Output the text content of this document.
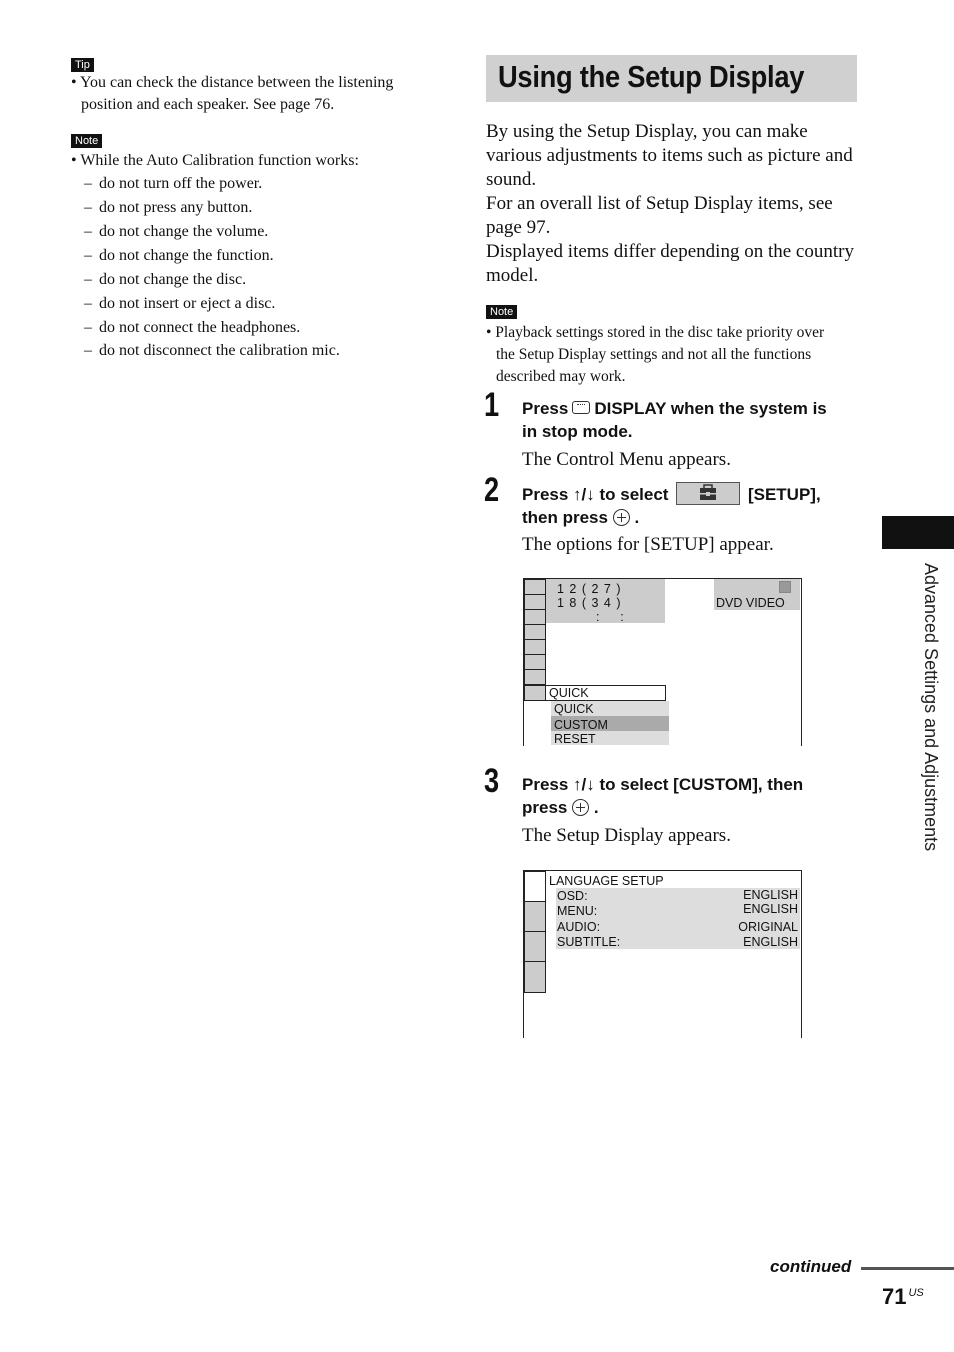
Tip
• You can check the distance between the listening
position and each speaker. See page 76.
Note
• While the Auto Calibration function works:
– do not turn off the power.
– do not press any button.
– do not change the volume.
– do not change the function.
– do not change the disc.
– do not insert or eject a disc.
– do not connect the headphones.
– do not disconnect the calibration mic.
Using the Setup Display
By using the Setup Display, you can make
various adjustments to items such as picture and
sound.
For an overall list of Setup Display items, see
page 97.
Displayed items differ depending on the country
model.
Note
• Playback settings stored in the disc take priority over
the Setup Display settings and not all the functions
described may work.
1 Press DISPLAY when the system is
in stop mode.
The Control Menu appears.
2 Press ↑/↓ to select	[SETUP],
then press  .
The options for [SETUP] appear.
1 2 ( 2 7 )
1 8 ( 3 4 )
:      :
DVD VIDEO
QUICK
QUICK
CUSTOM
RESET
3 Press ↑/↓ to select [CUSTOM], then
press  .
The Setup Display appears.
LANGUAGE SETUP
OSD:	ENGLISH
MENU:	ENGLISH
AUDIO:	ORIGINAL
SUBTITLE:	ENGLISH
Advanced Settings and Adjustments
continued
71 $^{US}$
